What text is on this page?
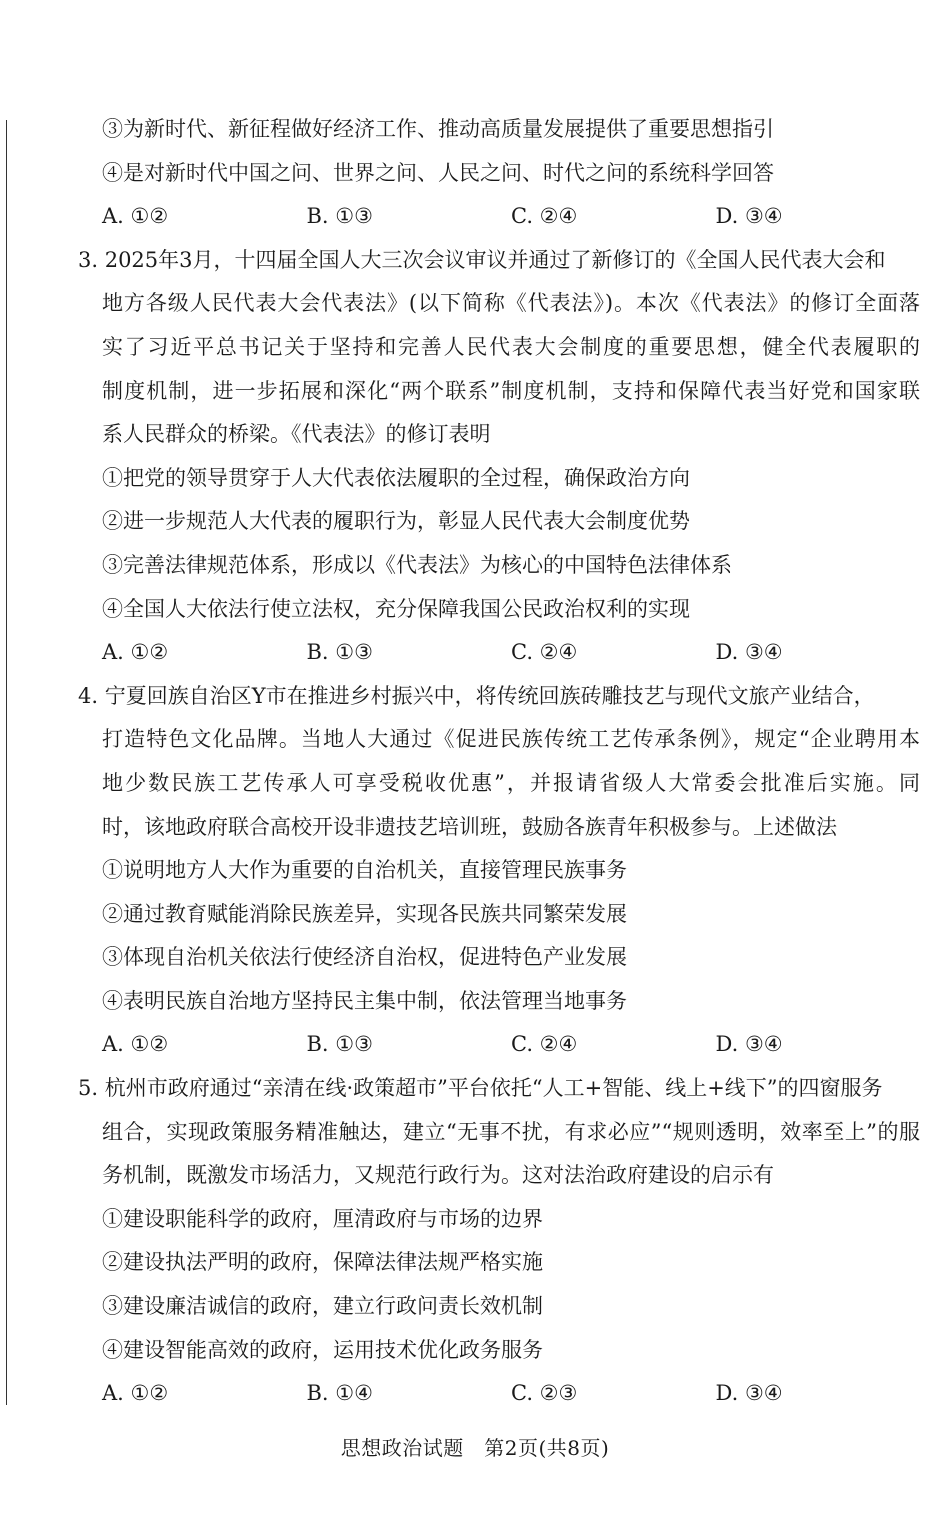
③为新时代、新征程做好经济工作、推动高质量发展提供了重要思想指引
④是对新时代中国之问、世界之问、人民之问、时代之问的系统科学回答
A. ①②	B. ①③	C. ②④	D. ③④
3. 2025年3月，十四届全国人大三次会议审议并通过了新修订的《全国人民代表大会和
地方各级人民代表大会代表法》(以下简称《代表法》)。本次《代表法》的修订全面落
实了习近平总书记关于坚持和完善人民代表大会制度的重要思想，健全代表履职的
制度机制，进一步拓展和深化“两个联系”制度机制，支持和保障代表当好党和国家联
系人民群众的桥梁。《代表法》的修订表明
①把党的领导贯穿于人大代表依法履职的全过程，确保政治方向
②进一步规范人大代表的履职行为，彰显人民代表大会制度优势
③完善法律规范体系，形成以《代表法》为核心的中国特色法律体系
④全国人大依法行使立法权，充分保障我国公民政治权利的实现
A. ①②	B. ①③	C. ②④	D. ③④
4. 宁夏回族自治区Y市在推进乡村振兴中，将传统回族砖雕技艺与现代文旅产业结合，
打造特色文化品牌。当地人大通过《促进民族传统工艺传承条例》，规定“企业聘用本
地少数民族工艺传承人可享受税收优惠”，并报请省级人大常委会批准后实施。同
时，该地政府联合高校开设非遗技艺培训班，鼓励各族青年积极参与。上述做法
①说明地方人大作为重要的自治机关，直接管理民族事务
②通过教育赋能消除民族差异，实现各民族共同繁荣发展
③体现自治机关依法行使经济自治权，促进特色产业发展
④表明民族自治地方坚持民主集中制，依法管理当地事务
A. ①②	B. ①③	C. ②④	D. ③④
5. 杭州市政府通过“亲清在线·政策超市”平台依托“人工+智能、线上+线下”的四窗服务
组合，实现政策服务精准触达，建立“无事不扰，有求必应”“规则透明，效率至上”的服
务机制，既激发市场活力，又规范行政行为。这对法治政府建设的启示有
①建设职能科学的政府，厘清政府与市场的边界
②建设执法严明的政府，保障法律法规严格实施
③建设廉洁诚信的政府，建立行政问责长效机制
④建设智能高效的政府，运用技术优化政务服务
A. ①②	B. ①④	C. ②③	D. ③④
思想政治试题　第2页(共8页)
